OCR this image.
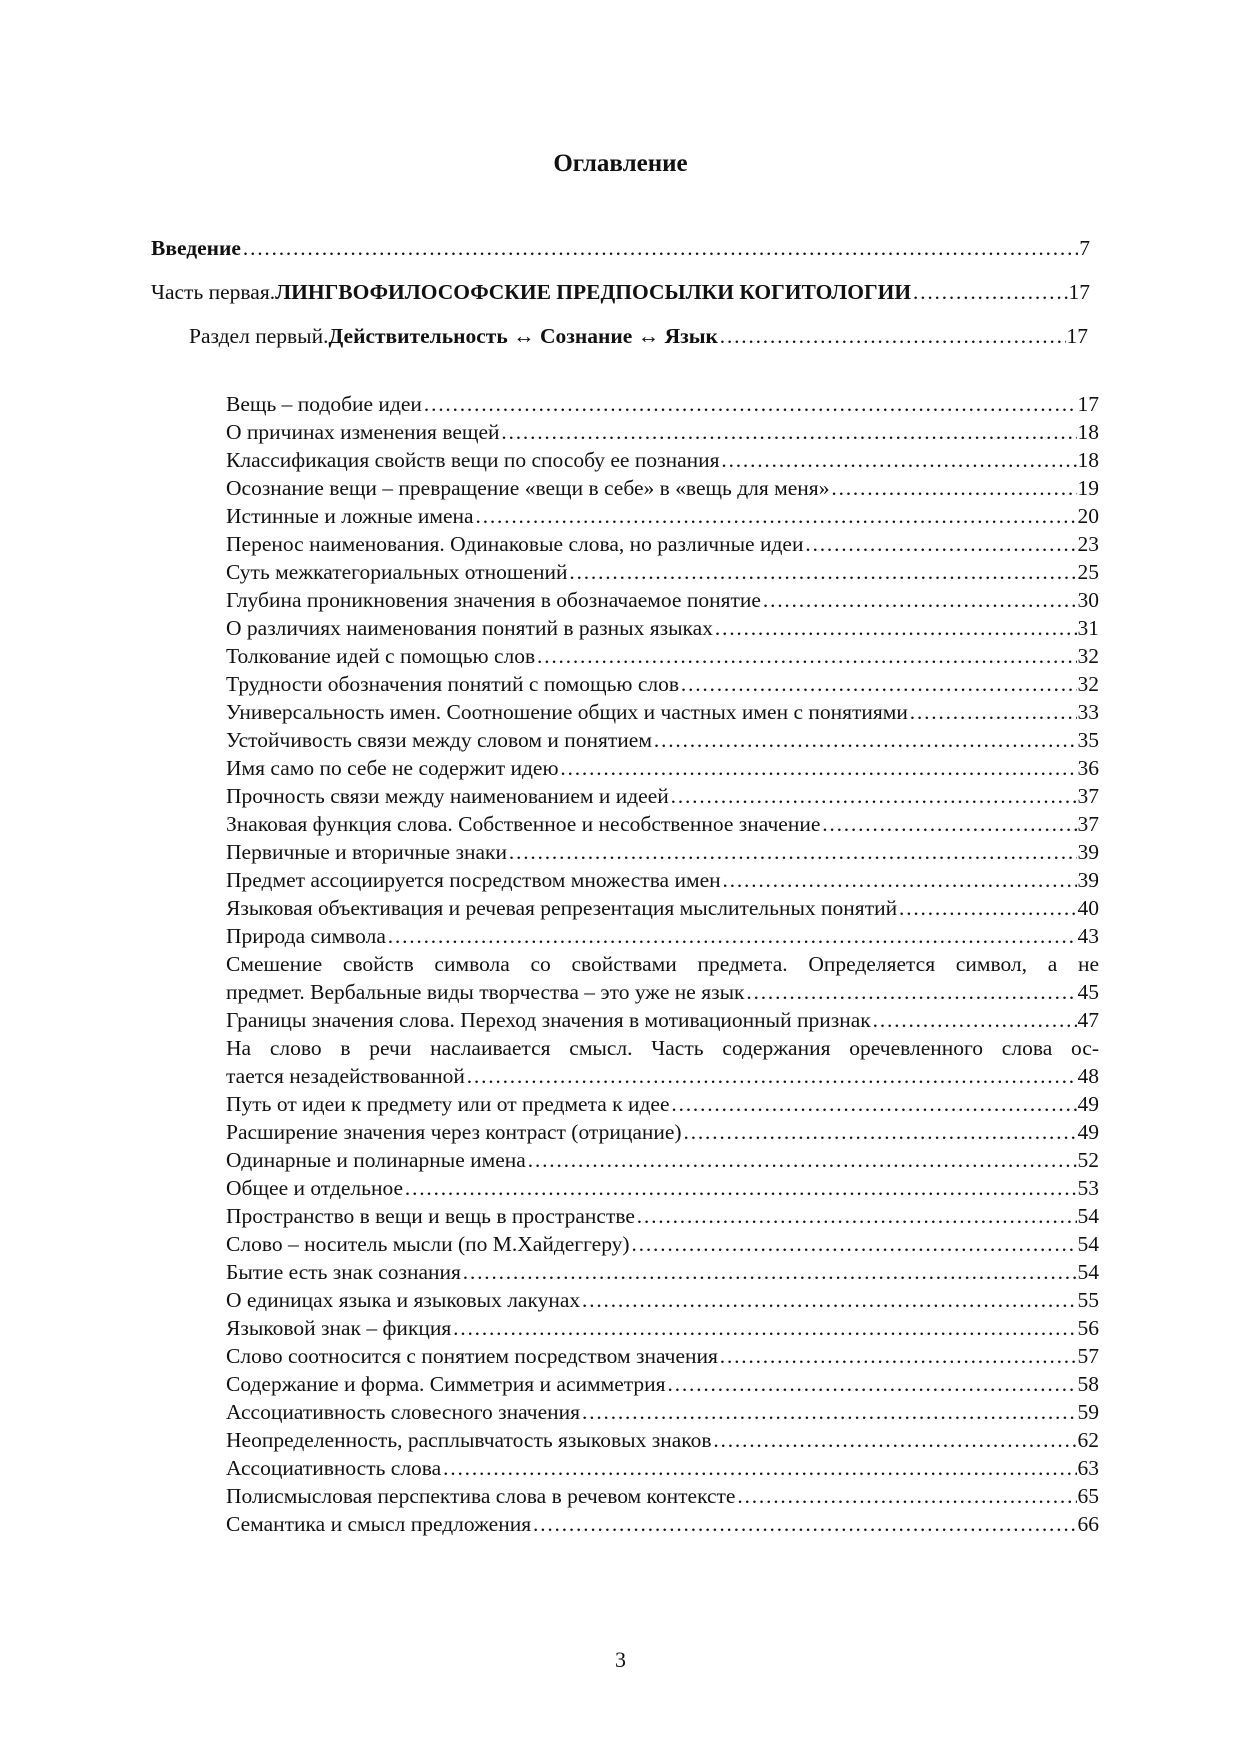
Оглавление
Введение ………………………………………………………………………………………………………………………………………………………………………………………………………………………………………………………	7
Часть первая. ЛИНГВОФИЛОСОФСКИЕ ПРЕДПОСЫЛКИ КОГИТОЛОГИИ ………………………………………………………………………………………………………………………………………………………………………………………………………………………………………………………	17
Раздел первый. Действительность ↔ Сознание ↔ Язык ………………………………………………………………………………………………………………………………………………………………………………………………………………………………………………………	17
Вещь – подобие идеи ………………………………………………………………………………………………………………………………………………………………………………………………………………………………………………………	17
О причинах изменения вещей ………………………………………………………………………………………………………………………………………………………………………………………………………………………………………………………	18
Классификация свойств вещи по способу ее познания ………………………………………………………………………………………………………………………………………………………………………………………………………………………………………………………	18
Осознание вещи – превращение «вещи в себе» в «вещь для меня» ………………………………………………………………………………………………………………………………………………………………………………………………………………………………………………………	19
Истинные и ложные имена ………………………………………………………………………………………………………………………………………………………………………………………………………………………………………………………	20
Перенос наименования. Одинаковые слова, но различные идеи ………………………………………………………………………………………………………………………………………………………………………………………………………………………………………………………	23
Суть межкатегориальных отношений ………………………………………………………………………………………………………………………………………………………………………………………………………………………………………………………	25
Глубина проникновения значения в обозначаемое понятие ………………………………………………………………………………………………………………………………………………………………………………………………………………………………………………………	30
О различиях наименования понятий в разных языках ………………………………………………………………………………………………………………………………………………………………………………………………………………………………………………………	31
Толкование идей с помощью слов ………………………………………………………………………………………………………………………………………………………………………………………………………………………………………………………	32
Трудности обозначения понятий с помощью слов ………………………………………………………………………………………………………………………………………………………………………………………………………………………………………………………	32
Универсальность имен. Соотношение общих и частных имен с понятиями ………………………………………………………………………………………………………………………………………………………………………………………………………………………………………………………	33
Устойчивость связи между словом и понятием ………………………………………………………………………………………………………………………………………………………………………………………………………………………………………………………	35
Имя само по себе не содержит идею ………………………………………………………………………………………………………………………………………………………………………………………………………………………………………………………	36
Прочность связи между наименованием и идеей ………………………………………………………………………………………………………………………………………………………………………………………………………………………………………………………	37
Знаковая функция слова. Собственное и несобственное значение ………………………………………………………………………………………………………………………………………………………………………………………………………………………………………………………	37
Первичные и вторичные знаки ………………………………………………………………………………………………………………………………………………………………………………………………………………………………………………………	39
Предмет ассоциируется посредством множества имен ………………………………………………………………………………………………………………………………………………………………………………………………………………………………………………………	39
Языковая объективация и речевая репрезентация мыслительных понятий ………………………………………………………………………………………………………………………………………………………………………………………………………………………………………………………	40
Природа символа ………………………………………………………………………………………………………………………………………………………………………………………………………………………………………………………	43
Смешение свойств символа со свойствами предмета. Определяется символ, а не
предмет. Вербальные виды творчества – это уже не язык ………………………………………………………………………………………………………………………………………………………………………………………………………	45
Границы значения слова. Переход значения в мотивационный признак ………………………………………………………………………………………………………………………………………………………………………………………………………………………………………………………	47
На слово в речи наслаивается смысл. Часть содержания оречевленного слова ос-
тается незадействованной ………………………………………………………………………………………………………………………………………………………………………………………………………	48
Путь от идеи к предмету или от предмета к идее ………………………………………………………………………………………………………………………………………………………………………………………………………………………………………………………	49
Расширение значения через контраст (отрицание) ………………………………………………………………………………………………………………………………………………………………………………………………………………………………………………………	49
Одинарные и полинарные имена ………………………………………………………………………………………………………………………………………………………………………………………………………………………………………………………	52
Общее и отдельное ………………………………………………………………………………………………………………………………………………………………………………………………………………………………………………………	53
Пространство в вещи и вещь в пространстве ………………………………………………………………………………………………………………………………………………………………………………………………………………………………………………………	54
Слово – носитель мысли (по М.Хайдеггеру) ………………………………………………………………………………………………………………………………………………………………………………………………………………………………………………………	54
Бытие есть знак сознания ………………………………………………………………………………………………………………………………………………………………………………………………………………………………………………………	54
О единицах языка и языковых лакунах ………………………………………………………………………………………………………………………………………………………………………………………………………………………………………………………	55
Языковой знак – фикция ………………………………………………………………………………………………………………………………………………………………………………………………………………………………………………………	56
Слово соотносится с понятием посредством значения ………………………………………………………………………………………………………………………………………………………………………………………………………………………………………………………	57
Содержание и форма. Симметрия и асимметрия ………………………………………………………………………………………………………………………………………………………………………………………………………………………………………………………	58
Ассоциативность словесного значения ………………………………………………………………………………………………………………………………………………………………………………………………………………………………………………………	59
Неопределенность, расплывчатость языковых знаков ………………………………………………………………………………………………………………………………………………………………………………………………………………………………………………………	62
Ассоциативность слова ………………………………………………………………………………………………………………………………………………………………………………………………………………………………………………………	63
Полисмысловая перспектива слова в речевом контексте ………………………………………………………………………………………………………………………………………………………………………………………………………………………………………………………	65
Семантика и смысл предложения ………………………………………………………………………………………………………………………………………………………………………………………………………………………………………………………	66
3
